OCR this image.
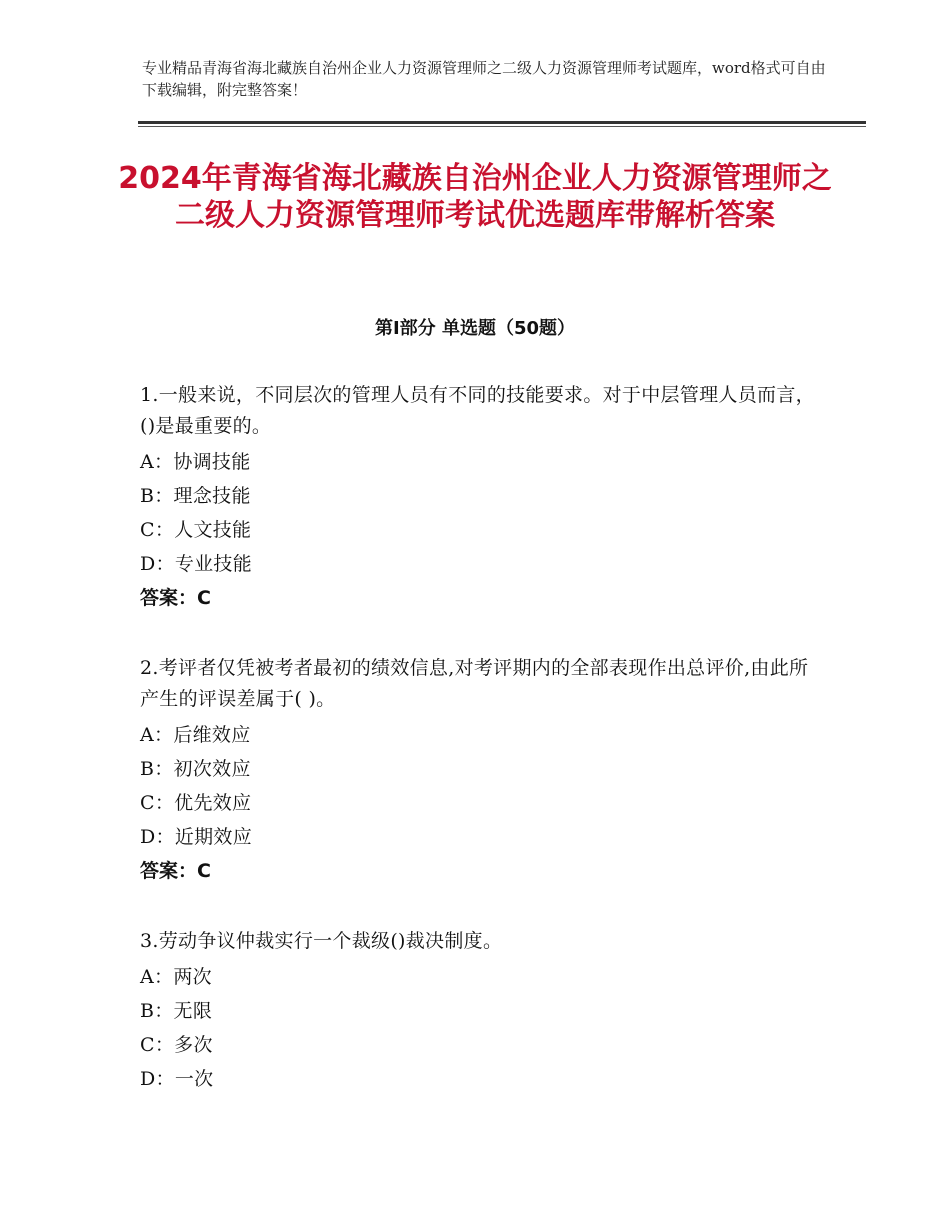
专业精品青海省海北藏族自治州企业人力资源管理师之二级人力资源管理师考试题库，word格式可自由下载编辑，附完整答案！
2024年青海省海北藏族自治州企业人力资源管理师之二级人力资源管理师考试优选题库带解析答案
第Ⅰ部分 单选题（50题）
1.一般来说，不同层次的管理人员有不同的技能要求。对于中层管理人员而言，()是最重要的。
A：协调技能
B：理念技能
C：人文技能
D：专业技能
答案：C
2.考评者仅凭被考者最初的绩效信息,对考评期内的全部表现作出总评价,由此所产生的评误差属于( )。
A：后维效应
B：初次效应
C：优先效应
D：近期效应
答案：C
3.劳动争议仲裁实行一个裁级()裁决制度。
A：两次
B：无限
C：多次
D：一次
